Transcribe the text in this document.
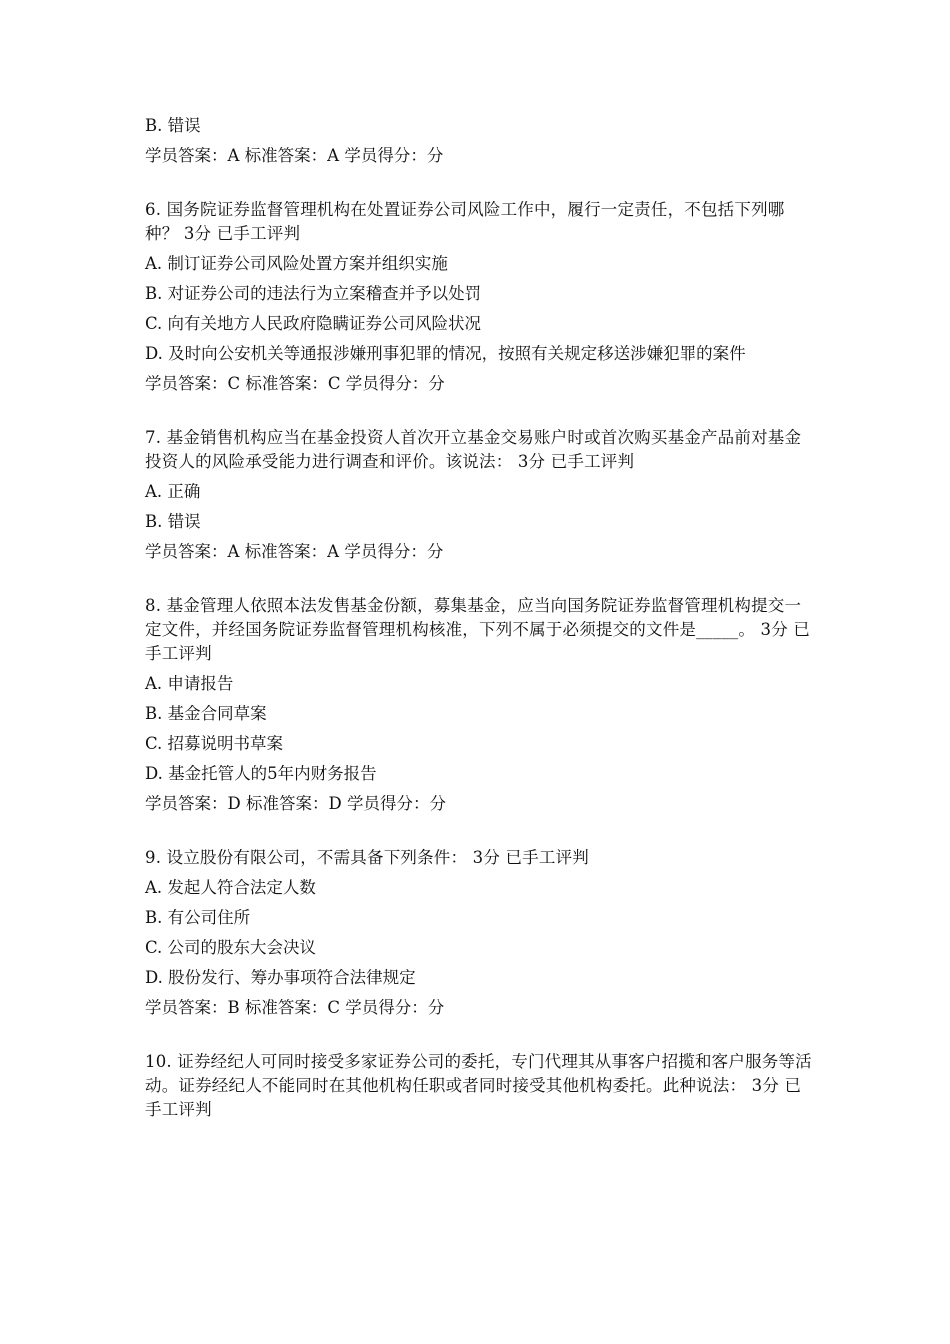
B. 错误
学员答案：A 标准答案：A 学员得分：分
6. 国务院证券监督管理机构在处置证券公司风险工作中，履行一定责任，不包括下列哪种？ 3分 已手工评判
A. 制订证券公司风险处置方案并组织实施
B. 对证券公司的违法行为立案稽查并予以处罚
C. 向有关地方人民政府隐瞒证券公司风险状况
D. 及时向公安机关等通报涉嫌刑事犯罪的情况，按照有关规定移送涉嫌犯罪的案件
学员答案：C 标准答案：C 学员得分：分
7. 基金销售机构应当在基金投资人首次开立基金交易账户时或首次购买基金产品前对基金投资人的风险承受能力进行调查和评价。该说法： 3分 已手工评判
A. 正确
B. 错误
学员答案：A 标准答案：A 学员得分：分
8. 基金管理人依照本法发售基金份额，募集基金，应当向国务院证券监督管理机构提交一定文件，并经国务院证券监督管理机构核准，下列不属于必须提交的文件是_____。 3分 已手工评判
A. 申请报告
B. 基金合同草案
C. 招募说明书草案
D. 基金托管人的5年内财务报告
学员答案：D 标准答案：D 学员得分：分
9. 设立股份有限公司，不需具备下列条件： 3分 已手工评判
A. 发起人符合法定人数
B. 有公司住所
C. 公司的股东大会决议
D. 股份发行、筹办事项符合法律规定
学员答案：B 标准答案：C 学员得分：分
10. 证券经纪人可同时接受多家证券公司的委托，专门代理其从事客户招揽和客户服务等活动。证券经纪人不能同时在其他机构任职或者同时接受其他机构委托。此种说法： 3分 已手工评判
